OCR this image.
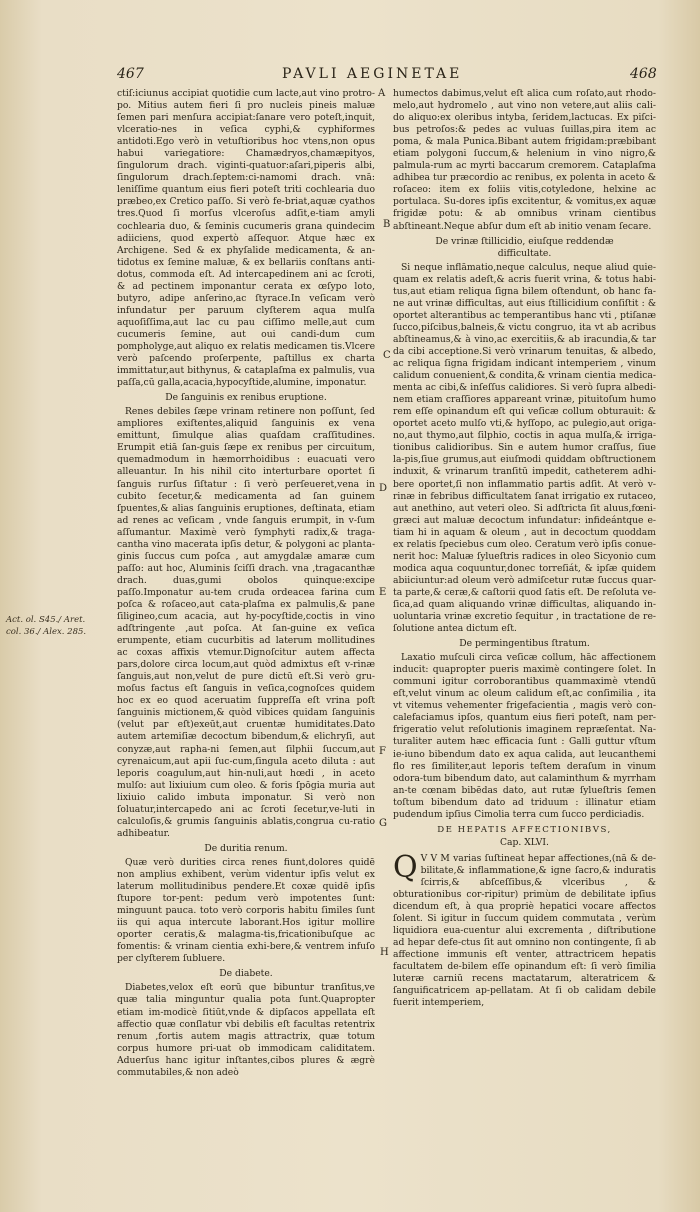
467	PAVLI AEGINETAE	468
A
B
C
D
E
F
G
H
Act. ol. S45./ Aret.
col. 36./ Alex. 285.

ctiſ:iciunus accipiat quotidie cum lacte,aut vino protro-po. Mitius autem fieri ſi pro nucleis pineis maluæ ſemen pari menſura accipiat:ſanare vero poteſt,inquit, vlceratio-nes in veſica cyphi,& cyphiformes antidoti.Ego verò in vetuſtioribus hoc vtens,non opus habui variegatiore: Chamædryos,chamæpityos, ſingulorum drach. viginti-quatuor:aſari,piperis albi, ſingulorum drach.ſeptem:ci-namomi drach. vnā: leniſſime quantum eius fieri poteſt triti cochlearia duo præbeo,ex Cretico paſſo. Si verò fe-briat,aquæ cyathos tres.Quod ſi morſus vlceroſus adſit,e-tiam amyli cochlearia duo, & ſeminis cucumeris grana quindecim adiiciens, quod expertò aſſequor. Atque hæc ex Archigene. Sed & ex phyſalide medicamenta, & an-tidotus ex ſemine maluæ, & ex bellariis conſtans anti-dotus, commoda eſt. Ad intercapedinem ani ac ſcroti, & ad pectinem imponantur cerata ex œſypo loto, butyro, adipe anſerino,ac ſtyrace.In veſicam verò infundatur per paruum clyſterem aqua mulſa aquoſiſſima,aut lac cu pau ciſſimo melle,aut cum cucumeris ſemine, aut oui candi-dum cum pompholyge,aut aliquo ex relatis medicamen tis.Vlcere verò paſcendo proſerpente, paſtillus ex charta immittatur,aut bithynus, & cataplaſma ex palmulis, vua paſſa,cū galla,acacia,hypocyſtide,alumine, imponatur.

De ſanguinis ex renibus eruptione.

Renes debiles ſæpe vrinam retinere non poſſunt, ſed ampliores exiſtentes,aliquid ſanguinis ex vena emittunt, ſimulque alias quaſdam craſſitudines. Erumpit etiā ſan-guis ſæpe ex renibus per circuitum, quemadmodum in hæmorrhoidibus : euacuati vero alleuantur. In his nihil cito interturbare oportet ſi ſanguis rurſus ſiſtatur : ſi verò perſeueret,vena in cubito ſecetur,& medicamenta ad ſan guinem ſpuentes,& alias ſanguinis eruptiones, deſtinata, etiam ad renes ac veſicam , vnde ſanguis erumpit, in v-ſum aſſumantur. Maximè verò ſymphyti radix,& traga-cantha vino macerata ipſis detur, & polygoni ac planta-ginis ſuccus cum poſca , aut amygdalæ amaræ cum paſſo: aut hoc, Aluminis ſciſſi drach. vna ,tragacanthæ drach. duas,gumi obolos quinque:excipe paſſo.Imponatur au-tem cruda ordeacea farina cum poſca & roſaceo,aut cata-plaſma ex palmulis,& pane ſiligineo,cum acacia, aut hy-pocyſtide,coctis in vino adſtringente ,aut poſca. At ſan-guine ex veſica erumpente, etiam cucurbitis ad laterum mollitudines ac coxas affixis vtemur.Dignoſcitur autem affecta pars,dolore circa locum,aut quòd admixtus eſt v-rinæ ſanguis,aut non,velut de pure dictū eſt.Si verò gru-moſus factus eſt ſanguis in veſica,cognoſces quidem hoc ex eo quod aceruatim ſuppreſſa eſt vrina poſt ſanguinis mictionem,& quòd vibices quidam ſanguinis (velut par eſt)exeūt,aut cruentæ humiditates.Dato autem artemiſiæ decoctum bibendum,& elichryſi, aut conyzæ,aut rapha-ni ſemen,aut ſilphii ſuccum,aut cyrenaicum,aut apii ſuc-cum,ſingula aceto diluta : aut leporis coagulum,aut hin-nuli,aut hœdi , in aceto mulſo: aut lixiuium cum oleo. & foris ſpōgia muria aut lixiuio calido imbuta imponatur. Si verò non ſoluatur,intercapedo ani ac ſcroti ſecetur,ve-luti in calculoſis,& grumis ſanguinis ablatis,congrua cu-ratio adhibeatur.

De duritia renum.

Quæ verò durities circa renes fiunt,dolores quidē non amplius exhibent, verùm videntur ipſis velut ex laterum mollitudinibus pendere.Et coxæ quidē ipſis ſtupore tor-pent: pedum verò impotentes ſunt: minguunt pauca. toto verò corporis habitu ſimiles ſunt iis qui aqua intercute laborant.Hos igitur mollire oporter ceratis,& malagma-tis,fricationibuſque ac fomentis: & vrinam cientia exhi-bere,& ventrem infuſo per clyſterem ſubluere.

De diabete.

Diabetes,velox eſt eorū que bibuntur tranſitus,ve quæ talia minguntur qualia pota ſunt.Quapropter etiam im-modicè ſitiūt,vnde & dipſacos appellata eſt affectio quæ conſlatur vbi debilis eſt facultas retentrix renum ,fortis autem magis attractrix, quæ totum corpus humore pri-uat ob immodicam caliditatem. Aduerſus hanc igitur inſtantes,cibos plures & ægrè commutabiles,& non adeò

humectos dabimus,velut eſt alica cum roſato,aut rhodo-melo,aut hydromelo , aut vino non vetere,aut aliis cali-do aliquo:ex oleribus intyba, ſeridem,lactucas. Ex piſci-bus petroſos:& pedes ac vuluas ſuillas,pira item ac poma, & mala Punica.Bibant autem frigidam:præbibant etiam polygoni ſuccum,& helenium in vino nigro,& palmula-rum ac myrti baccarum cremorem. Cataplaſma adhibea tur præcordio ac renibus, ex polenta in aceto & roſaceo: item ex foliis vitis,cotyledone, helxine ac portulaca. Su-dores ipſis excitentur, & vomitus,ex aquæ frigidæ potu: & ab omnibus vrinam cientibus abſtineant.Neque abſur dum eſt ab initio venam ſecare.

De vrinæ ſtillicidio, eiuſque reddendæ
difficultate.

Si neque inflāmatio,neque calculus, neque aliud quie-quam ex relatis adeſt,& acris fuerit vrina, & totus habi-tus,aut etiam reliqua ſigna bilem oſtendunt, ob hanc fa-ne aut vrinæ difficultas, aut eius ſtillicidium conſiſtit : & oportet alterantibus ac temperantibus hanc vti , ptiſanæ ſucco,piſcibus,balneis,& victu congruo, ita vt ab acribus abſtineamus,& à vino,ac exercitiis,& ab iracundia,& tar da cibi acceptione.Si verò vrinarum tenuitas, & albedo, ac reliqua ſigna frigidam indicant intemperiem , vinum calidum conuenient,& condita,& vrinam cientia medica-menta ac cibi,& inſeſſus calidiores. Si verò ſupra albedi-nem etiam craſſiores appareant vrinæ, pituitoſum humo rem eſſe opinandum eſt qui veſicæ collum obturauit: & oportet aceto mulſo vti,& hyſſopo, ac pulegio,aut origa-no,aut thymo,aut ſilphio, coctis in aqua mulſa,& irriga-tionibus calidioribus. Sin e autem humor craſſus, ſiue la-pis,ſiue grumus,aut eiuſmodi quiddam obſtructionem induxit, & vrinarum tranſitū impedit, catheterem adhi-bere oportet,ſi non inflammatio partis adſit. At verò v-rinæ in febribus difficultatem ſanat irrigatio ex rutaceo, aut anethino, aut veteri oleo. Si adſtricta ſit aluus,fœni-græci aut maluæ decoctum infundatur: infideántque e-tiam hi in aquam & oleum , aut in decoctum quoddam ex relatis ſpeciebus cum oleo. Ceratum verò ipſis conue-nerit hoc: Maluæ ſylueſtris radices in oleo Sicyonio cum modica aqua coquuntur,donec torreſiát, & ipſæ quidem abiiciuntur:ad oleum verò admiſcetur rutæ ſuccus quar-ta parte,& ceræ,& caſtorii quod ſatis eſt. De reſoluta ve-ſica,ad quam aliquando vrinæ difficultas, aliquando in-uoluntaria vrinæ excretio ſequitur , in tractatione de re-ſolutione antea dictum eſt.

De permingentibus ſtratum.

Laxatio muſculi circa veſicæ collum, hāc affectionem inducit: quapropter pueris maximè contingere ſolet. In communi igitur corroborantibus quammaximè vtendū eſt,velut vinum ac oleum calidum eſt,ac conſimilia , ita vt vitemus vehementer frigefacientia , magis verò con-calefaciamus ipſos, quantum eius fieri poteſt, nam per-frigeratio velut reſolutionis imaginem repræſentat. Na-turaliter autem hæc efficacia ſunt : Galli guttur vſtum ie-iuno bibendum dato ex aqua calida, aut leucanthemi flo res ſimiliter,aut leporis teſtem deraſum in vinum odora-tum bibendum dato, aut calaminthum & myrrham an-te cœnam bibēdas dato, aut rutæ ſylueſtris ſemen toſtum bibendum dato ad triduum : illinatur etiam pudendum ipſius Cimolia terra cum ſucco perdiciadis.

DE HEPATIS AFFECTIONIBVS,
Cap. XLVI.

Q V V M varias ſuſtineat hepar affectiones,(nā & de-bilitate,& inflammatione,& igne ſacro,& induratis ſcirris,& abſceſſibus,& vlceribus , & obturationibus cor-ripitur) primùm de debilitate ipſius dicendum eſt, à qua propriè hepatici vocare affectos ſolent. Si igitur in ſuccum quidem commutata , verùm liquidiora eua-cuentur alui excrementa , diſtributione ad hepar defe-ctus ſit aut omnino non contingente, ſi ab affectione immunis eſt venter, attractricem hepatis facultatem de-bilem eſſe opinandum eſt: ſi verò ſimilia luteræ carniū recens mactatarum, alteratricem & ſanguificatricem ap-pellatam. At ſi ob calidam debile fuerit intemperiem,
